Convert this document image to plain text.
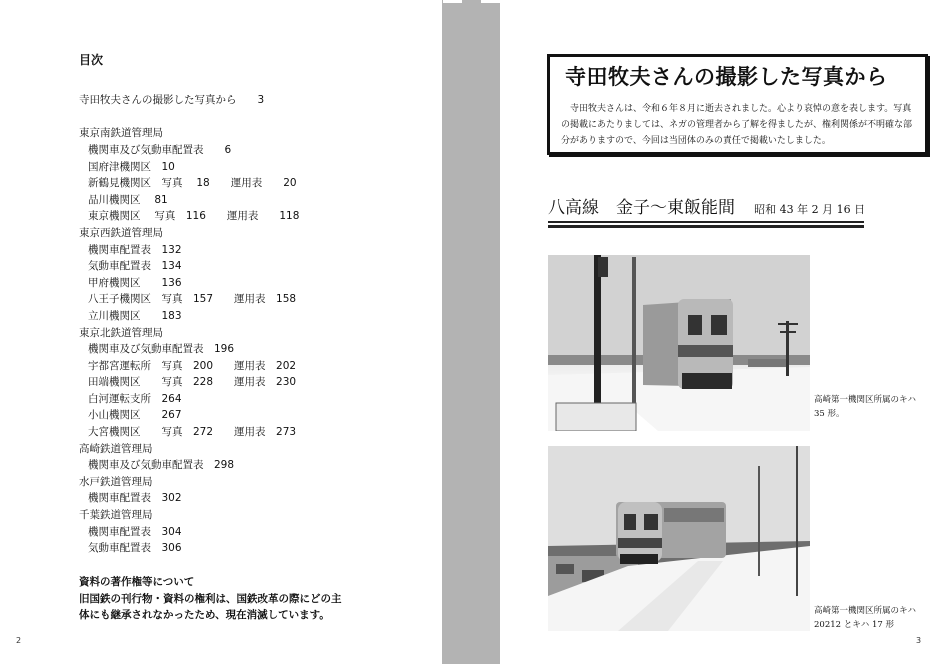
目次
寺田牧夫さんの撮影した写真から　　3
東京南鉄道管理局
機関車及び気動車配置表　　6
国府津機関区　10
新鶴見機関区　写真　 18　　運用表　　20
品川機関区　 81
東京機関区　 写真　116　　運用表　　118
東京西鉄道管理局
機関車配置表　132
気動車配置表　134
甲府機関区　　136
八王子機関区　写真　157　　運用表　158
立川機関区　　183
東京北鉄道管理局
機関車及び気動車配置表　196
宇都宮運転所　写真　200　　運用表　202
田端機関区　　写真　228　　運用表　230
白河運転支所　264
小山機関区　　267
大宮機関区　　写真　272　　運用表　273
高崎鉄道管理局
機関車及び気動車配置表　298
水戸鉄道管理局
機関車配置表　302
千葉鉄道管理局
機関車配置表　304
気動車配置表　306
資料の著作権等について
旧国鉄の刊行物・資料の権利は、国鉄改革の際にどの主
体にも継承されなかったため、現在消滅しています。
2
寺田牧夫さんの撮影した写真から
寺田牧夫さんは、令和６年８月に逝去されました。心より哀悼の意を表します。写真の掲載にあたりましては、ネガの管理者から了解を得ましたが、権利関係が不明確な部分がありますので、今回は当団体のみの責任で掲載いたしました。
八高線　金子～東飯能間 昭和 43 年 2 月 16 日
高崎第一機関区所属のキハ 35 形。
高崎第一機関区所属のキハ 20212 とキハ 17 形
3
